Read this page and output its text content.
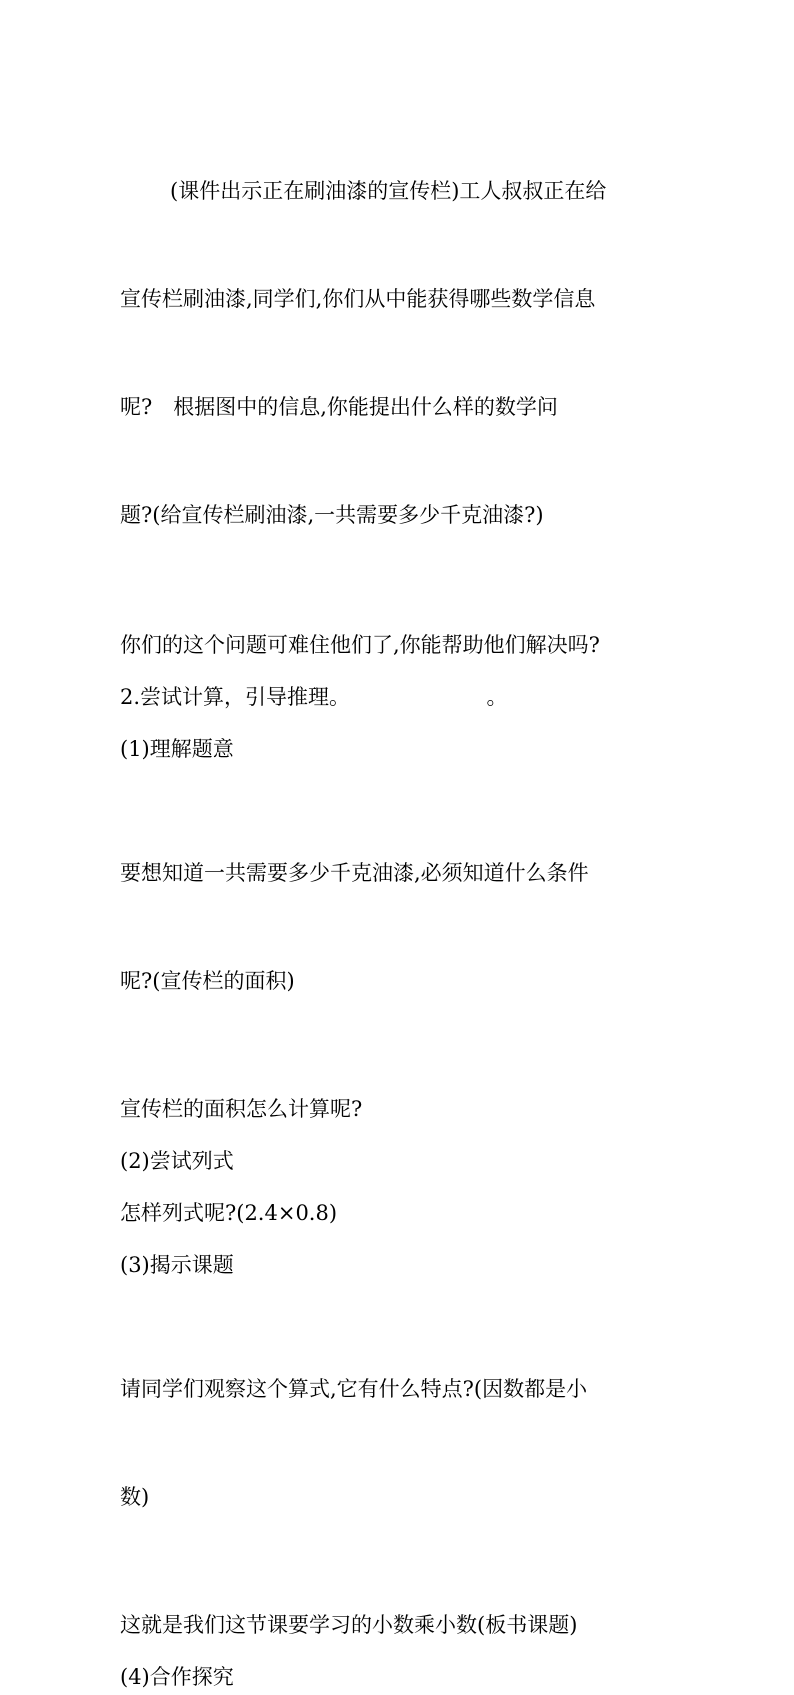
(课件出示正在刷油漆的宣传栏)工人叔叔正在给

宣传栏刷油漆,同学们,你们从中能获得哪些数学信息

呢?　根据图中的信息,你能提出什么样的数学问

题?(给宣传栏刷油漆,一共需要多少千克油漆?)

你们的这个问题可难住他们了,你能帮助他们解决吗?

2.尝试计算，引导推理。　　　　　　　。

(1)理解题意

要想知道一共需要多少千克油漆,必须知道什么条件

呢?(宣传栏的面积)

宣传栏的面积怎么计算呢?

(2)尝试列式

怎样列式呢?(2.4×0.8)

(3)揭示课题

请同学们观察这个算式,它有什么特点?(因数都是小

数)

这就是我们这节课要学习的小数乘小数(板书课题)

(4)合作探究
